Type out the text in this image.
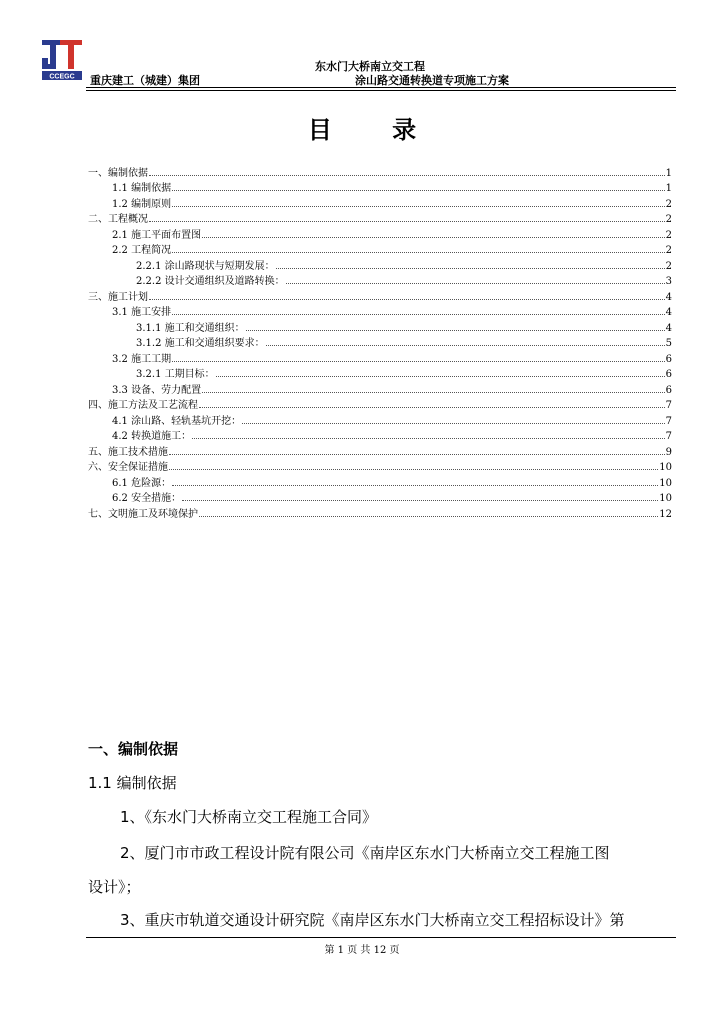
CCEGC 重庆建工（城建）集团
东水门大桥南立交工程
涂山路交通转换道专项施工方案
目 录
一、编制依据	1
1.1 编制依据	1
1.2 编制原则	2
二、工程概况	2
2.1 施工平面布置图	2
2.2 工程简况	2
2.2.1 涂山路现状与短期发展：	2
2.2.2 设计交通组织及道路转换：	3
三、施工计划	4
3.1 施工安排	4
3.1.1 施工和交通组织：	4
3.1.2 施工和交通组织要求：	5
3.2 施工工期	6
3.2.1 工期目标：	6
3.3 设备、劳力配置	6
四、施工方法及工艺流程	7
4.1 涂山路、轻轨基坑开挖：	7
4.2 转换道施工：	7
五、施工技术措施	9
六、安全保证措施	10
6.1 危险源：	10
6.2 安全措施：	10
七、文明施工及环境保护	12
一、编制依据
1.1 编制依据
1、《东水门大桥南立交工程施工合同》
2、厦门市市政工程设计院有限公司《南岸区东水门大桥南立交工程施工图
设计》；
3、重庆市轨道交通设计研究院《南岸区东水门大桥南立交工程招标设计》第
第 1 页 共 12 页
